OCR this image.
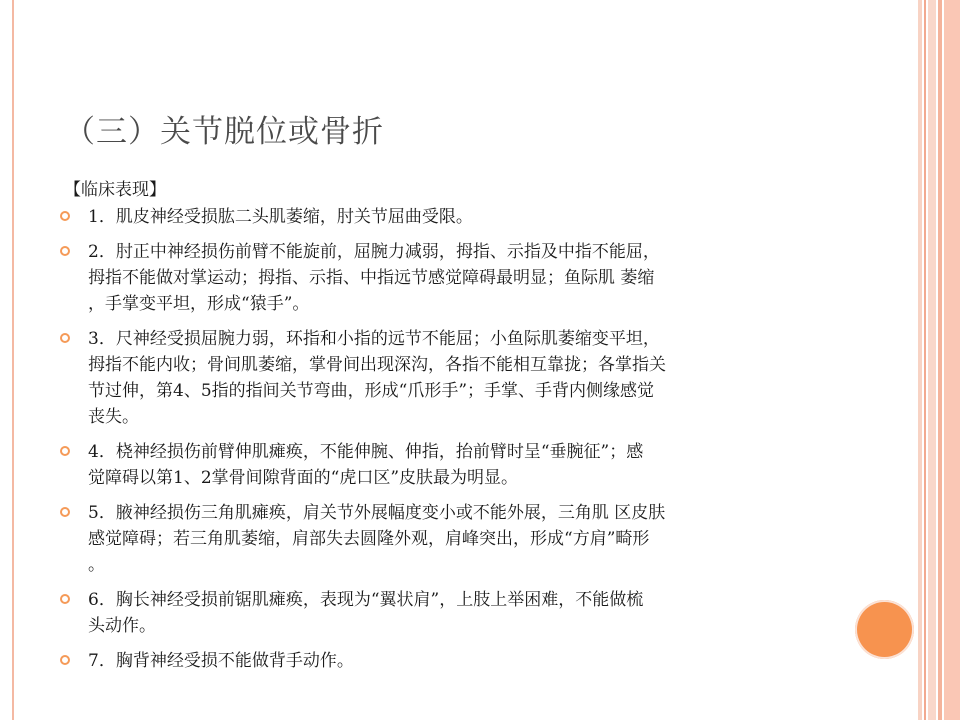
（三）关节脱位或骨折
【临床表现】
1．肌皮神经受损肱二头肌萎缩，肘关节屈曲受限。
2．肘正中神经损伤前臂不能旋前，屈腕力减弱，拇指、示指及中指不能屈，
拇指不能做对掌运动；拇指、示指、中指远节感觉障碍最明显；鱼际肌 萎缩
，手掌变平坦，形成“猿手”。
3．尺神经受损屈腕力弱，环指和小指的远节不能屈；小鱼际肌萎缩变平坦，
拇指不能内收；骨间肌萎缩，掌骨间出现深沟，各指不能相互靠拢；各掌指关
节过伸，第4、5指的指间关节弯曲，形成“爪形手”；手掌、手背内侧缘感觉
丧失。
4．桡神经损伤前臂伸肌瘫痪，不能伸腕、伸指，抬前臂时呈“垂腕征”；感
觉障碍以第1、2掌骨间隙背面的“虎口区”皮肤最为明显。
5．腋神经损伤三角肌瘫痪，肩关节外展幅度变小或不能外展，三角肌 区皮肤
感觉障碍；若三角肌萎缩，肩部失去圆隆外观，肩峰突出，形成“方肩”畸形
。
6．胸长神经受损前锯肌瘫痪，表现为“翼状肩”，上肢上举困难，不能做梳
头动作。
7．胸背神经受损不能做背手动作。
